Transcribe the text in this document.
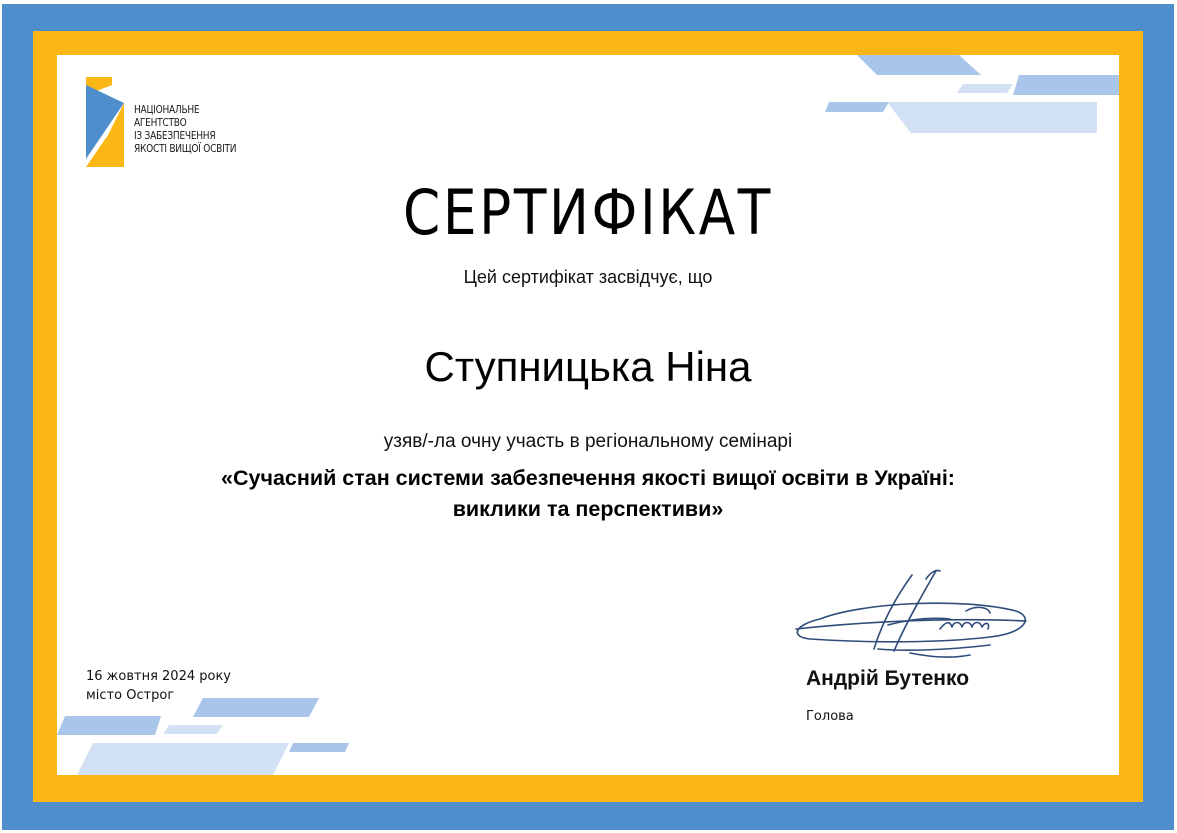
НАЦІОНАЛЬНЕ
АГЕНТСТВО
ІЗ ЗАБЕЗПЕЧЕННЯ
ЯКОСТІ ВИЩОЇ ОСВІТИ
СЕРТИФІКАТ
Цей сертифікат засвідчує, що
Ступницька Ніна
узяв/-ла очну участь в регіональному семінарі
«Сучасний стан системи забезпечення якості вищої освіти в Україні:
виклики та перспективи»
16 жовтня 2024 року
місто Острог
Андрій Бутенко
Голова
